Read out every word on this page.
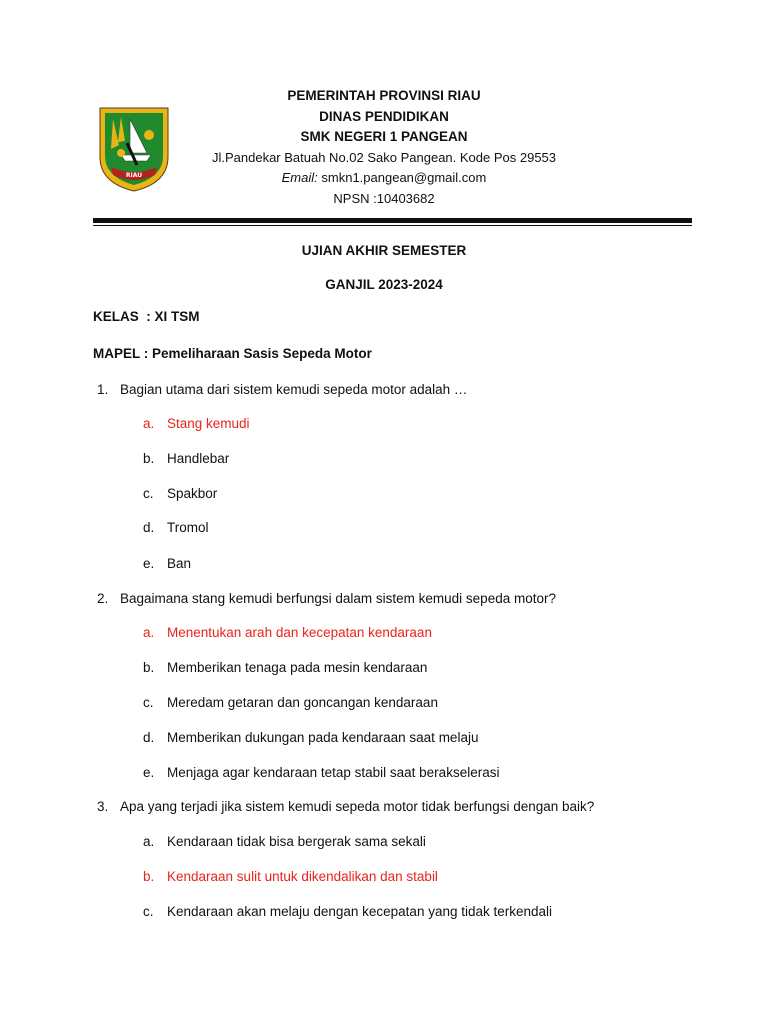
RIAU
PEMERINTAH PROVINSI RIAU
DINAS PENDIDIKAN
SMK NEGERI 1 PANGEAN
Jl.Pandekar Batuah No.02 Sako Pangean. Kode Pos 29553
Email: smkn1.pangean@gmail.com
NPSN :10403682
UJIAN AKHIR SEMESTER
GANJIL 2023-2024
KELAS  : XI TSM
MAPEL : Pemeliharaan Sasis Sepeda Motor
1. Bagian utama dari sistem kemudi sepeda motor adalah …
a. Stang kemudi
b. Handlebar
c. Spakbor
d. Tromol
e. Ban
2. Bagaimana stang kemudi berfungsi dalam sistem kemudi sepeda motor?
a. Menentukan arah dan kecepatan kendaraan
b. Memberikan tenaga pada mesin kendaraan
c. Meredam getaran dan goncangan kendaraan
d. Memberikan dukungan pada kendaraan saat melaju
e. Menjaga agar kendaraan tetap stabil saat berakselerasi
3. Apa yang terjadi jika sistem kemudi sepeda motor tidak berfungsi dengan baik?
a. Kendaraan tidak bisa bergerak sama sekali
b. Kendaraan sulit untuk dikendalikan dan stabil
c. Kendaraan akan melaju dengan kecepatan yang tidak terkendali
